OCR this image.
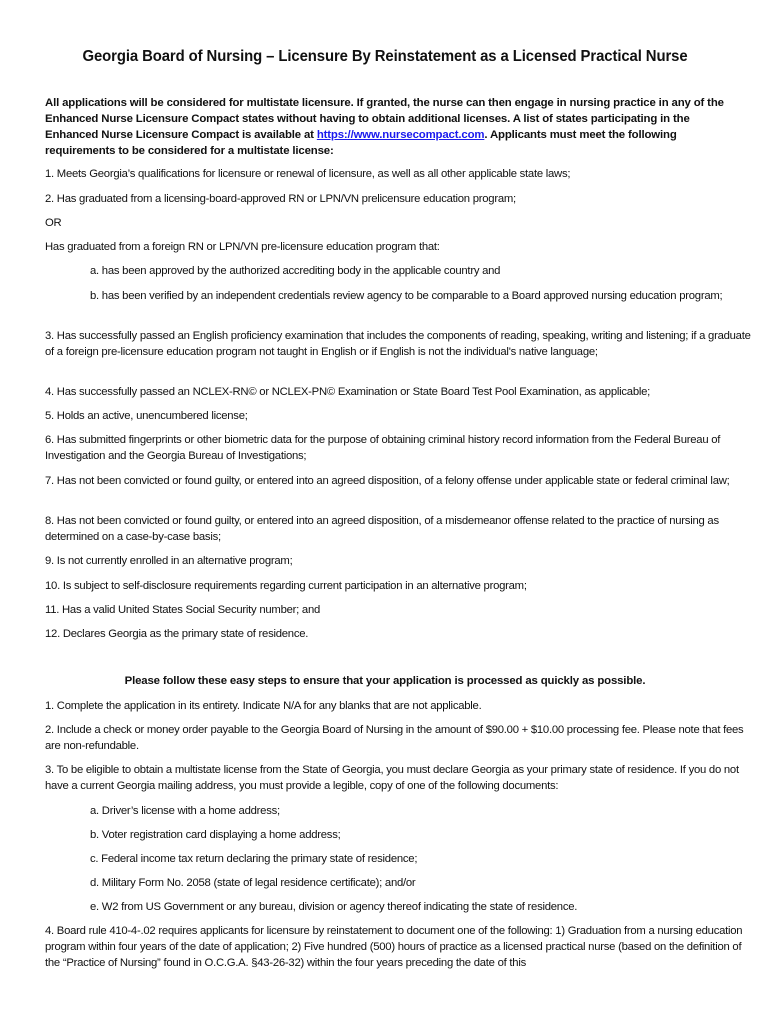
Georgia Board of Nursing – Licensure By Reinstatement as a Licensed Practical Nurse
All applications will be considered for multistate licensure. If granted, the nurse can then engage in nursing practice in any of the Enhanced Nurse Licensure Compact states without having to obtain additional licenses. A list of states participating in the Enhanced Nurse Licensure Compact is available at https://www.nursecompact.com. Applicants must meet the following requirements to be considered for a multistate license:

1. Meets Georgia’s qualifications for licensure or renewal of licensure, as well as all other applicable state laws;

2. Has graduated from a licensing-board-approved RN or LPN/VN prelicensure education program;

OR

Has graduated from a foreign RN or LPN/VN pre-licensure education program that:

a. has been approved by the authorized accrediting body in the applicable country and

b. has been verified by an independent credentials review agency to be comparable to a Board approved nursing education program;

3. Has successfully passed an English proficiency examination that includes the components of reading, speaking, writing and listening; if a graduate of a foreign pre-licensure education program not taught in English or if English is not the individual's native language;

4. Has successfully passed an NCLEX-RN© or NCLEX-PN© Examination or State Board Test Pool Examination, as applicable;

5. Holds an active, unencumbered license;

6. Has submitted fingerprints or other biometric data for the purpose of obtaining criminal history record information from the Federal Bureau of Investigation and the Georgia Bureau of Investigations;

7. Has not been convicted or found guilty, or entered into an agreed disposition, of a felony offense under applicable state or federal criminal law;

8. Has not been convicted or found guilty, or entered into an agreed disposition, of a misdemeanor offense related to the practice of nursing as determined on a case-by-case basis;

9. Is not currently enrolled in an alternative program;

10. Is subject to self-disclosure requirements regarding current participation in an alternative program;

11. Has a valid United States Social Security number; and

12. Declares Georgia as the primary state of residence.

Please follow these easy steps to ensure that your application is processed as quickly as possible.

1. Complete the application in its entirety. Indicate N/A for any blanks that are not applicable.

2. Include a check or money order payable to the Georgia Board of Nursing in the amount of $90.00 + $10.00 processing fee. Please note that fees are non-refundable.

3. To be eligible to obtain a multistate license from the State of Georgia, you must declare Georgia as your primary state of residence. If you do not have a current Georgia mailing address, you must provide a legible, copy of one of the following documents:

a. Driver’s license with a home address;

b. Voter registration card displaying a home address;

c. Federal income tax return declaring the primary state of residence;

d. Military Form No. 2058 (state of legal residence certificate); and/or

e. W2 from US Government or any bureau, division or agency thereof indicating the state of residence.

4. Board rule 410-4-.02 requires applicants for licensure by reinstatement to document one of the following: 1) Graduation from a nursing education program within four years of the date of application; 2) Five hundred (500) hours of practice as a licensed practical nurse (based on the definition of the “Practice of Nursing” found in O.C.G.A. §43-26-32) within the four years preceding the date of this
